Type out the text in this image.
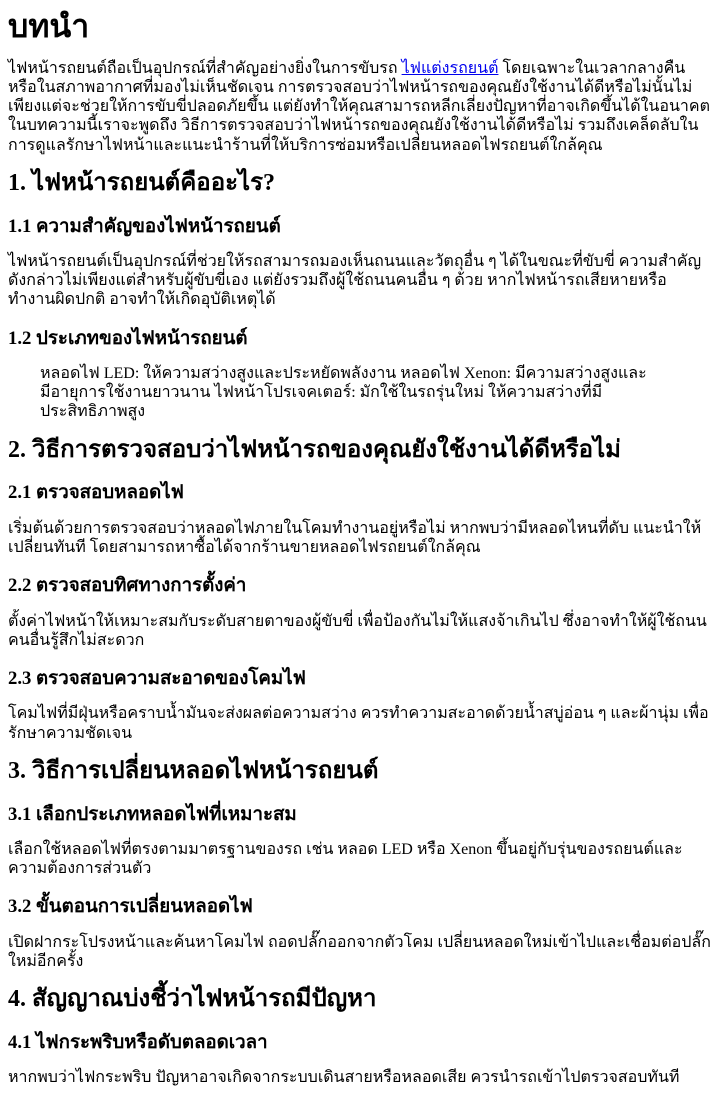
บทนำ

ไฟหน้ารถยนต์ถือเป็นอุปกรณ์ที่สำคัญอย่างยิ่งในการขับรถ ไฟแต่งรถยนต์ โดยเฉพาะในเวลากลางคืนหรือในสภาพอากาศที่มองไม่เห็นชัดเจน การตรวจสอบว่าไฟหน้ารถของคุณยังใช้งานได้ดีหรือไม่นั้นไม่เพียงแต่จะช่วยให้การขับขี่ปลอดภัยขึ้น แต่ยังทำให้คุณสามารถหลีกเลี่ยงปัญหาที่อาจเกิดขึ้นได้ในอนาคต ในบทความนี้เราจะพูดถึง วิธีการตรวจสอบว่าไฟหน้ารถของคุณยังใช้งานได้ดีหรือไม่ รวมถึงเคล็ดลับในการดูแลรักษาไฟหน้าและแนะนำร้านที่ให้บริการซ่อมหรือเปลี่ยนหลอดไฟรถยนต์ใกล้คุณ

1. ไฟหน้ารถยนต์คืออะไร?
1.1 ความสำคัญของไฟหน้ารถยนต์

ไฟหน้ารถยนต์เป็นอุปกรณ์ที่ช่วยให้รถสามารถมองเห็นถนนและวัตถุอื่น ๆ ได้ในขณะที่ขับขี่ ความสำคัญดังกล่าวไม่เพียงแต่สำหรับผู้ขับขี่เอง แต่ยังรวมถึงผู้ใช้ถนนคนอื่น ๆ ด้วย หากไฟหน้ารถเสียหายหรือทำงานผิดปกติ อาจทำให้เกิดอุบัติเหตุได้

1.2 ประเภทของไฟหน้ารถยนต์
หลอดไฟ LED: ให้ความสว่างสูงและประหยัดพลังงาน หลอดไฟ Xenon: มีความสว่างสูงและมีอายุการใช้งานยาวนาน ไฟหน้าโปรเจคเตอร์: มักใช้ในรถรุ่นใหม่ ให้ความสว่างที่มีประสิทธิภาพสูง
2. วิธีการตรวจสอบว่าไฟหน้ารถของคุณยังใช้งานได้ดีหรือไม่
2.1 ตรวจสอบหลอดไฟ

เริ่มต้นด้วยการตรวจสอบว่าหลอดไฟภายในโคมทำงานอยู่หรือไม่ หากพบว่ามีหลอดไหนที่ดับ แนะนำให้เปลี่ยนทันที โดยสามารถหาซื้อได้จากร้านขายหลอดไฟรถยนต์ใกล้คุณ

2.2 ตรวจสอบทิศทางการตั้งค่า

ตั้งค่าไฟหน้าให้เหมาะสมกับระดับสายตาของผู้ขับขี่ เพื่อป้องกันไม่ให้แสงจ้าเกินไป ซึ่งอาจทำให้ผู้ใช้ถนนคนอื่นรู้สึกไม่สะดวก

2.3 ตรวจสอบความสะอาดของโคมไฟ

โคมไฟที่มีฝุ่นหรือคราบน้ำมันจะส่งผลต่อความสว่าง ควรทำความสะอาดด้วยน้ำสบู่อ่อน ๆ และผ้านุ่ม เพื่อรักษาความชัดเจน

3. วิธีการเปลี่ยนหลอดไฟหน้ารถยนต์
3.1 เลือกประเภทหลอดไฟที่เหมาะสม

เลือกใช้หลอดไฟที่ตรงตามมาตรฐานของรถ เช่น หลอด LED หรือ Xenon ขึ้นอยู่กับรุ่นของรถยนต์และความต้องการส่วนตัว

3.2 ขั้นตอนการเปลี่ยนหลอดไฟ

เปิดฝากระโปรงหน้าและค้นหาโคมไฟ ถอดปลั๊กออกจากตัวโคม เปลี่ยนหลอดใหม่เข้าไปและเชื่อมต่อปลั๊กใหม่อีกครั้ง

4. สัญญาณบ่งชี้ว่าไฟหน้ารถมีปัญหา
4.1 ไฟกระพริบหรือดับตลอดเวลา

หากพบว่าไฟกระพริบ ปัญหาอาจเกิดจากระบบเดินสายหรือหลอดเสีย ควรนำรถเข้าไปตรวจสอบทันที
